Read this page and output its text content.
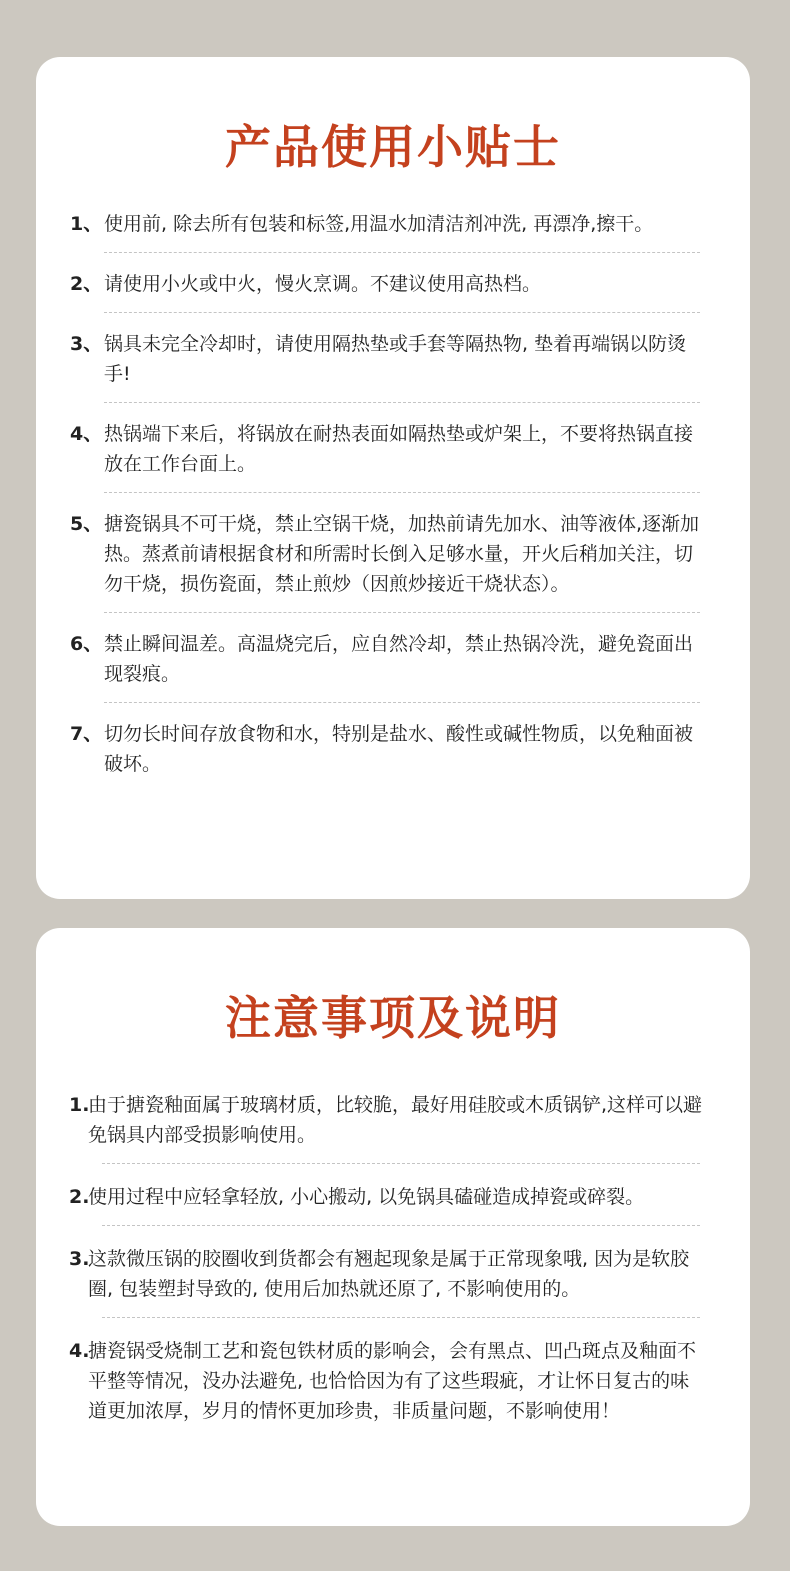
产品使用小贴士
1、 使用前, 除去所有包装和标签,用温水加清洁剂冲洗, 再漂净,擦干。
2、 请使用小火或中火，慢火烹调。不建议使用高热档。
3、 锅具未完全冷却时，请使用隔热垫或手套等隔热物, 垫着再端锅以防烫手!
4、 热锅端下来后，将锅放在耐热表面如隔热垫或炉架上，不要将热锅直接放在工作台面上。
5、 搪瓷锅具不可干烧，禁止空锅干烧，加热前请先加水、油等液体,逐渐加热。蒸煮前请根据食材和所需时长倒入足够水量，开火后稍加关注，切勿干烧，损伤瓷面，禁止煎炒（因煎炒接近干烧状态）。
6、 禁止瞬间温差。高温烧完后，应自然冷却，禁止热锅冷洗，避免瓷面出现裂痕。
7、 切勿长时间存放食物和水，特别是盐水、酸性或碱性物质，以免釉面被破坏。
注意事项及说明
1.
由于搪瓷釉面属于玻璃材质，比较脆，最好用硅胶或木质锅铲,这样可以避免锅具内部受损影响使用。
2.
使用过程中应轻拿轻放, 小心搬动, 以免锅具磕碰造成掉瓷或碎裂。
3.
这款微压锅的胶圈收到货都会有翘起现象是属于正常现象哦, 因为是软胶圈, 包装塑封导致的, 使用后加热就还原了, 不影响使用的。
4.
搪瓷锅受烧制工艺和瓷包铁材质的影响会，会有黑点、凹凸斑点及釉面不平整等情况，没办法避免, 也恰恰因为有了这些瑕疵，才让怀日复古的味道更加浓厚，岁月的情怀更加珍贵，非质量问题，不影响使用！
